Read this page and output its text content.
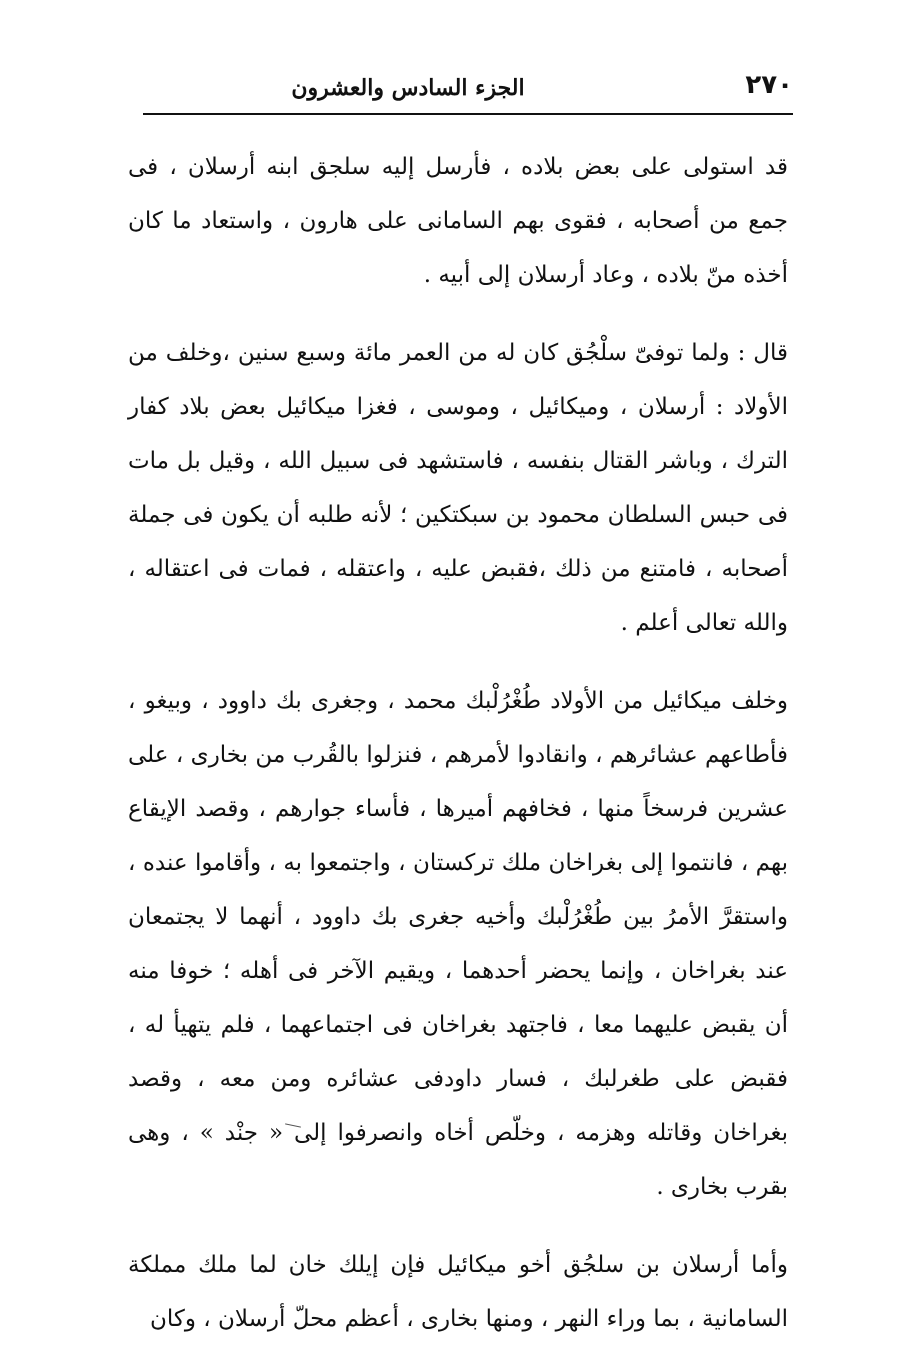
٢٧٠
الجزء السادس والعشرون

قد استولى على بعض بلاده ، فأرسل إليه سلجق ابنه أرسلان ، فى جمع من أصحابه ، فقوى بهم السامانى على هارون ، واستعاد ما كان أخذه منّ بلاده ، وعاد أرسلان إلى أبيه .

قال : ولما توفىّ سلْجُق كان له من العمر مائة وسبع سنين ،وخلف من الأولاد : أرسلان ، وميكائيل ، وموسى ، فغزا ميكائيل بعض بلاد كفار الترك ، وباشر القتال بنفسه ، فاستشهد فى سبيل الله ، وقيل بل مات فى حبس السلطان محمود بن سبكتكين ؛ لأنه طلبه أن يكون فى جملة أصحابه ، فامتنع من ذلك ،فقبض عليه ، واعتقله ، فمات فى اعتقاله ، والله تعالى أعلم .

وخلف ميكائيل من الأولاد طُغْرُلْبك محمد ، وجغرى بك داوود ، وبيغو ، فأطاعهم عشائرهم ، وانقادوا لأمرهم ، فنزلوا بالقُرب من بخارى ، على عشرين فرسخاً منها ، فخافهم أميرها ، فأساء جوارهم ، وقصد الإيقاع بهم ، فانتموا إلى بغراخان ملك تركستان ، واجتمعوا به ، وأقاموا عنده ، واستقرَّ الأمرُ بين طُغْرُلْبك وأخيه جغرى بك داوود ، أنهما لا يجتمعان عند بغراخان ، وإنما يحضر أحدهما ، ويقيم الآخر فى أهله ؛ خوفا منه أن يقبض عليهما معا ، فاجتهد بغراخان فى اجتماعهما ، فلم يتهيأ له ، فقبض على طغرلبك ، فسار داودفى عشائره ومن معه ، وقصد بغراخان وقاتله وهزمه ، وخلّص أخاه وانصرفوا إلى « جنْد » ، وهى بقرب بخارى .

وأما أرسلان بن سلجُق أخو ميكائيل فإن إيلك خان لما ملك مملكة السامانية ، بما وراء النهر ، ومنها بخارى ، أعظم محلّ أرسلان ، وكان
